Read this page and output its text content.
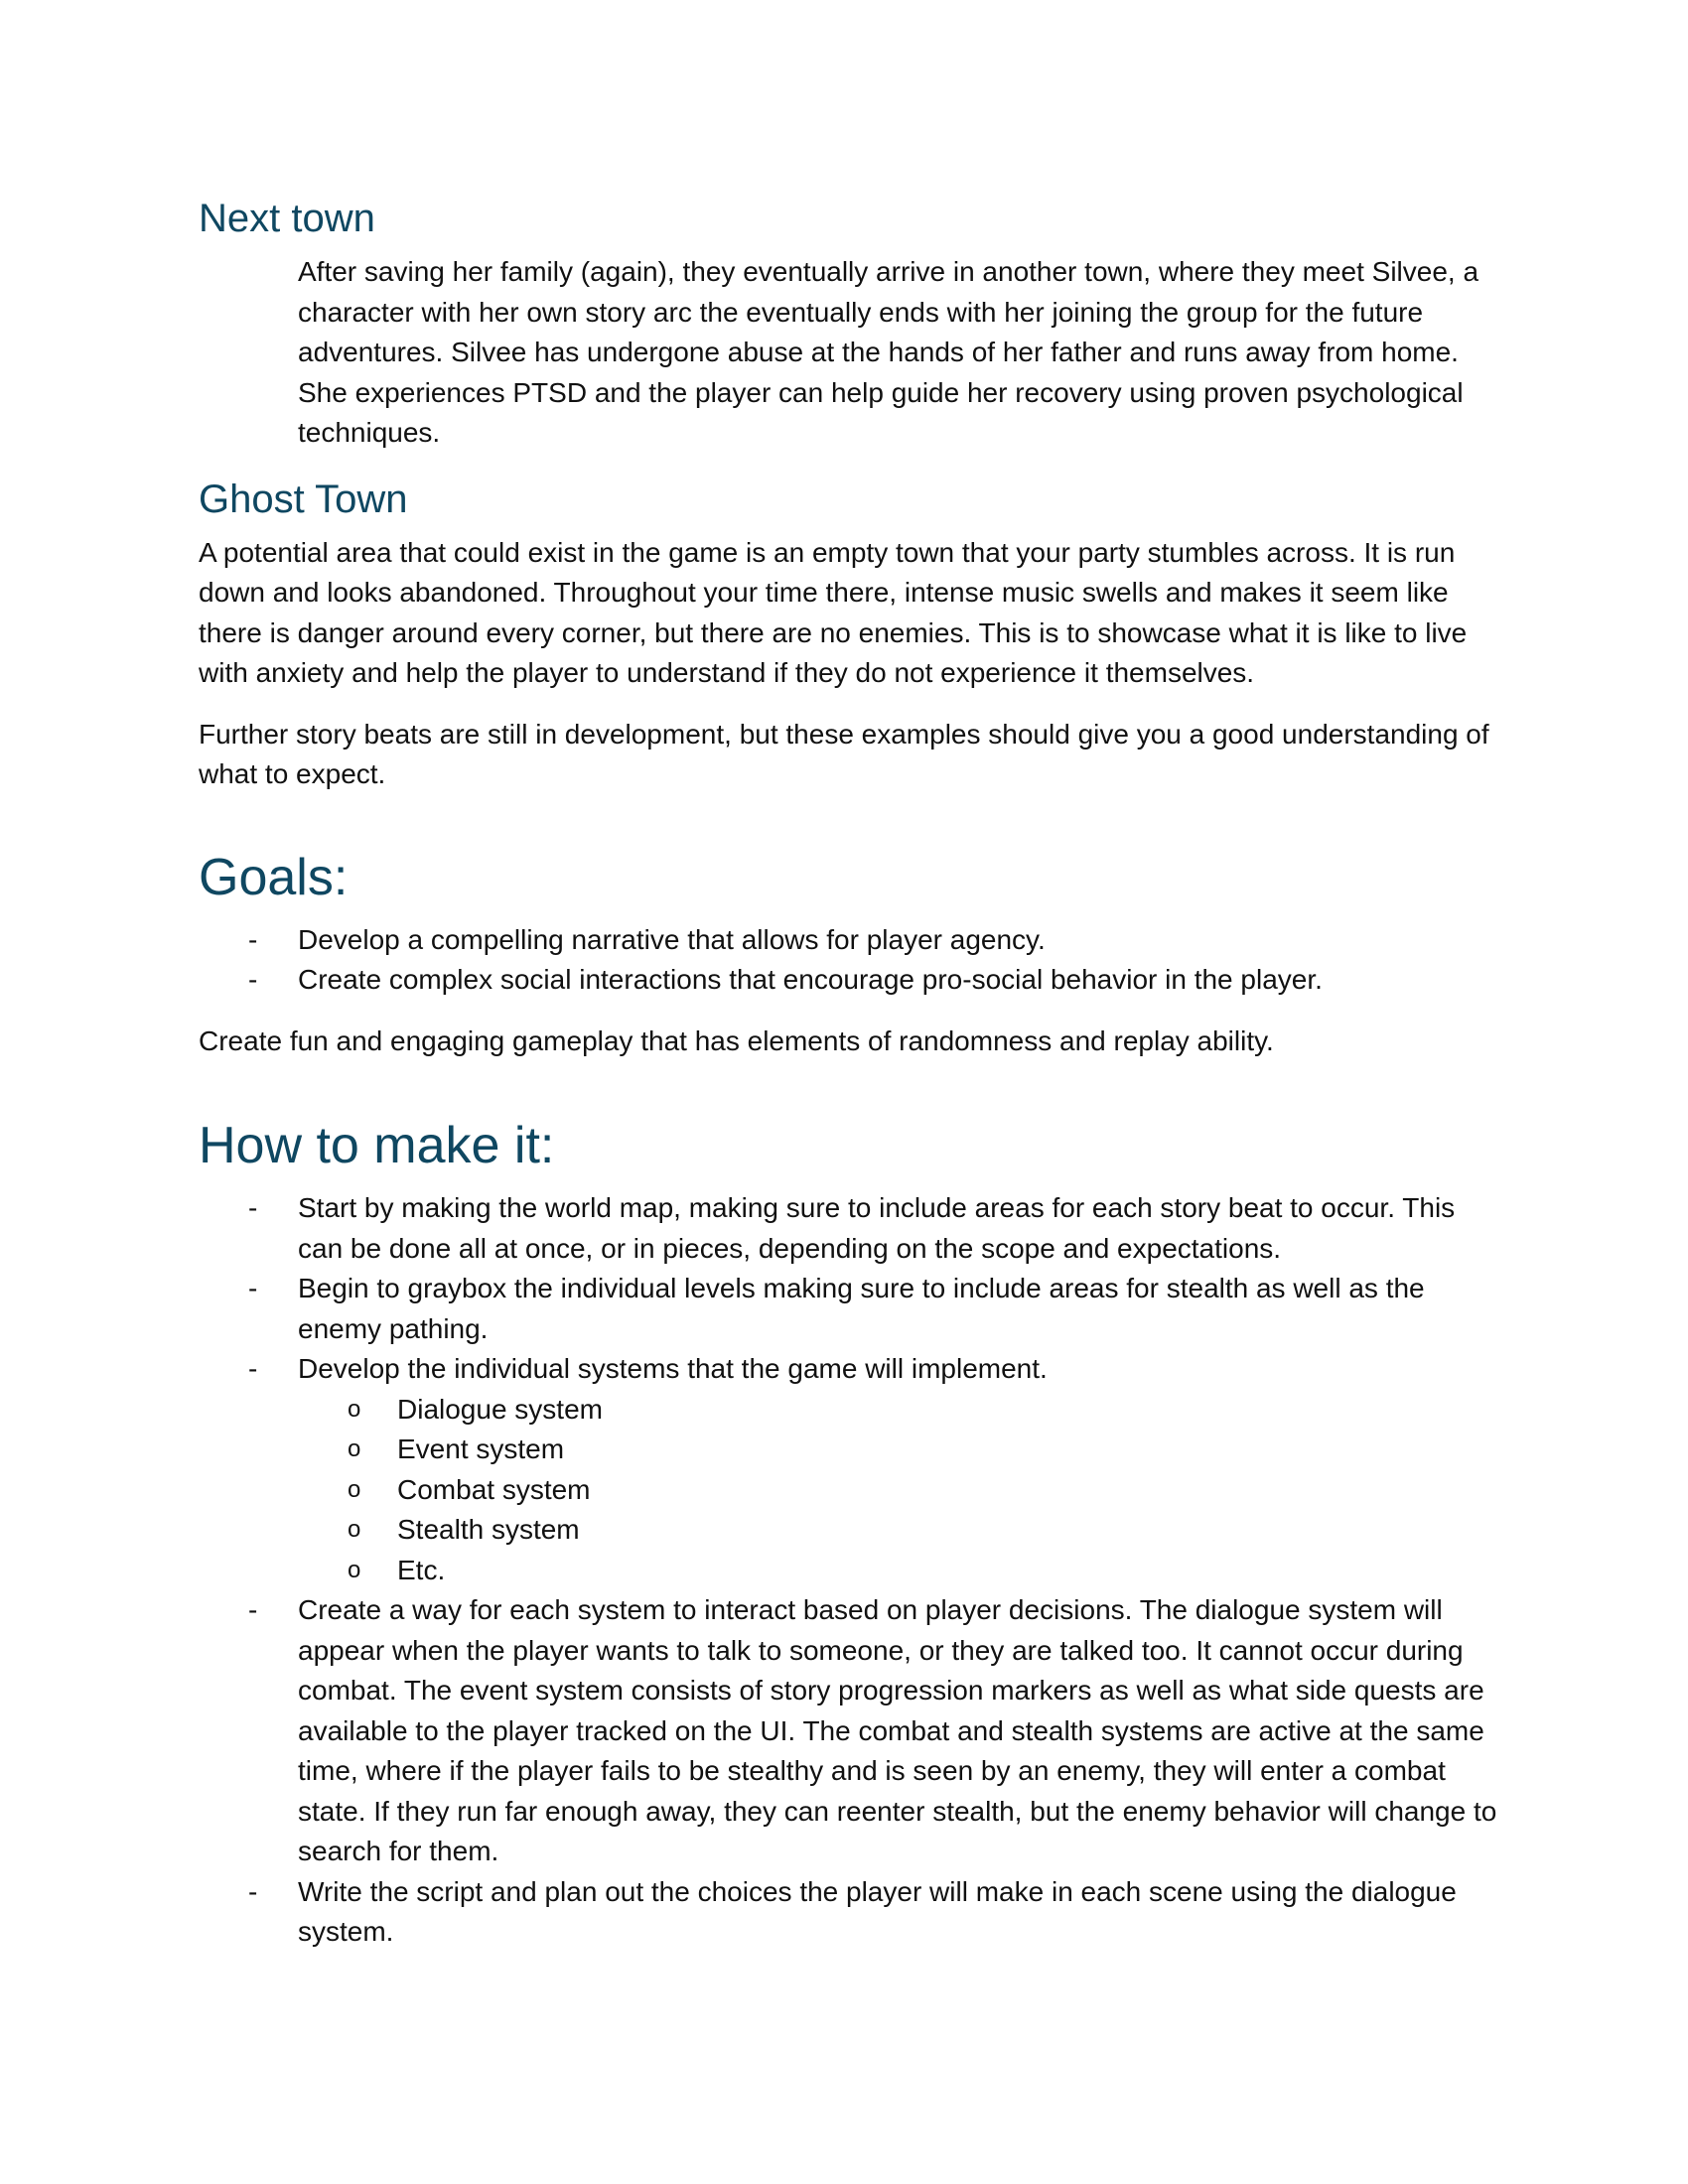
Next town

After saving her family (again), they eventually arrive in another town, where they meet Silvee, a character with her own story arc the eventually ends with her joining the group for the future adventures. Silvee has undergone abuse at the hands of her father and runs away from home. She experiences PTSD and the player can help guide her recovery using proven psychological techniques.

Ghost Town

A potential area that could exist in the game is an empty town that your party stumbles across. It is run down and looks abandoned. Throughout your time there, intense music swells and makes it seem like there is danger around every corner, but there are no enemies. This is to showcase what it is like to live with anxiety and help the player to understand if they do not experience it themselves.

Further story beats are still in development, but these examples should give you a good understanding of what to expect.

Goals:
- Develop a compelling narrative that allows for player agency.
- Create complex social interactions that encourage pro-social behavior in the player.

Create fun and engaging gameplay that has elements of randomness and replay ability.

How to make it:
- Start by making the world map, making sure to include areas for each story beat to occur. This can be done all at once, or in pieces, depending on the scope and expectations.
- Begin to graybox the individual levels making sure to include areas for stealth as well as the enemy pathing.
- Develop the individual systems that the game will implement.
o Dialogue system
o Event system
o Combat system
o Stealth system
o Etc.
- Create a way for each system to interact based on player decisions. The dialogue system will appear when the player wants to talk to someone, or they are talked too. It cannot occur during combat. The event system consists of story progression markers as well as what side quests are available to the player tracked on the UI. The combat and stealth systems are active at the same time, where if the player fails to be stealthy and is seen by an enemy, they will enter a combat state. If they run far enough away, they can reenter stealth, but the enemy behavior will change to search for them.
- Write the script and plan out the choices the player will make in each scene using the dialogue system.
